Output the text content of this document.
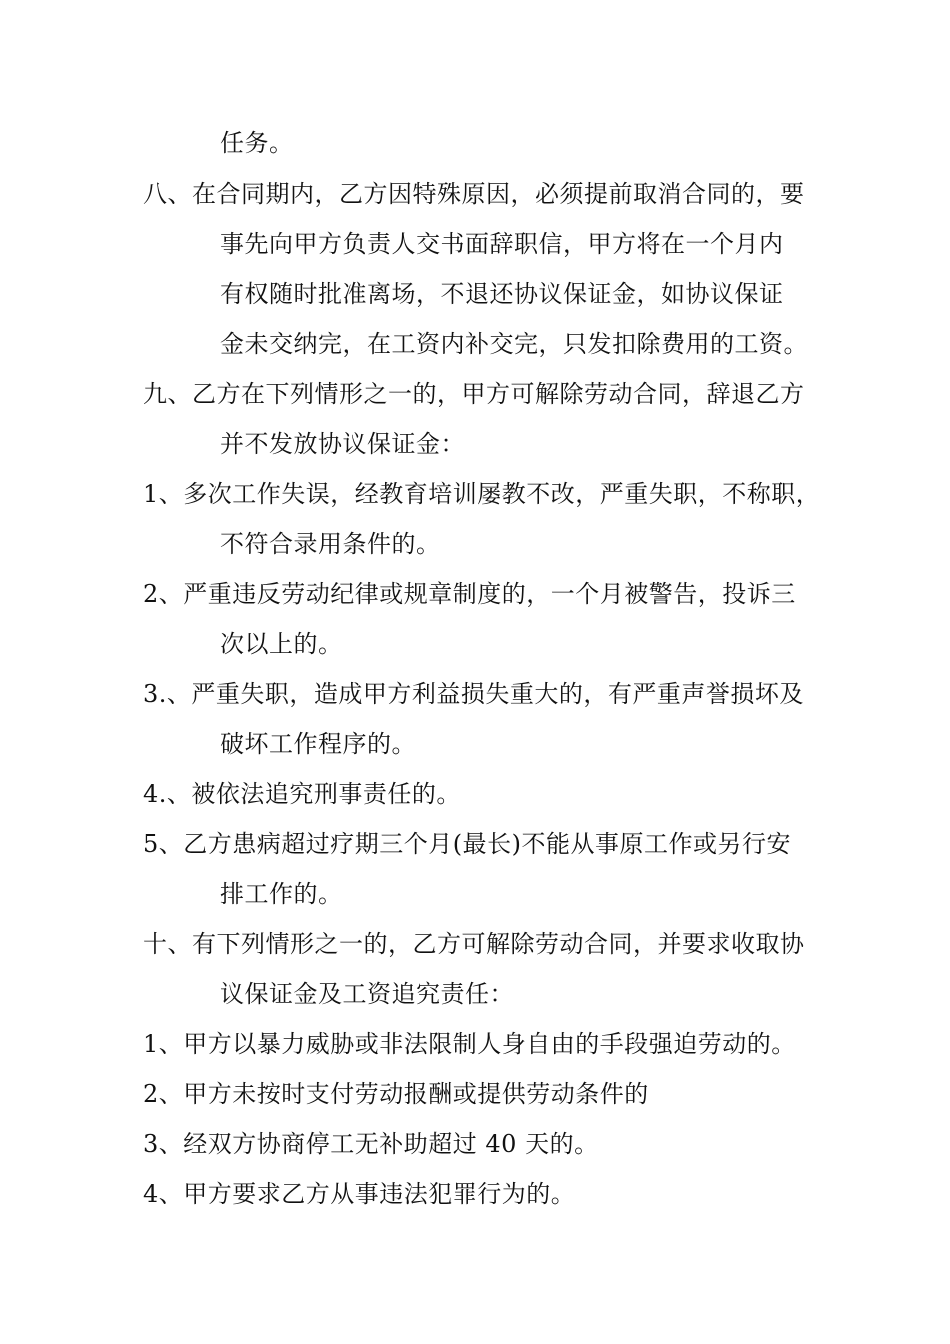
任务。
八、在合同期内，乙方因特殊原因，必须提前取消合同的，要
事先向甲方负责人交书面辞职信，甲方将在一个月内
有权随时批准离场，不退还协议保证金，如协议保证
金未交纳完，在工资内补交完，只发扣除费用的工资。
九、乙方在下列情形之一的，甲方可解除劳动合同，辞退乙方
并不发放协议保证金：
1、多次工作失误，经教育培训屡教不改，严重失职，不称职，
不符合录用条件的。
2、严重违反劳动纪律或规章制度的，一个月被警告，投诉三
次以上的。
3.、严重失职，造成甲方利益损失重大的，有严重声誉损坏及
破坏工作程序的。
4.、被依法追究刑事责任的。
5、乙方患病超过疗期三个月(最长)不能从事原工作或另行安
排工作的。
十、有下列情形之一的，乙方可解除劳动合同，并要求收取协
议保证金及工资追究责任：
1、甲方以暴力威胁或非法限制人身自由的手段强迫劳动的。
2、甲方未按时支付劳动报酬或提供劳动条件的
3、经双方协商停工无补助超过 40 天的。
4、甲方要求乙方从事违法犯罪行为的。
